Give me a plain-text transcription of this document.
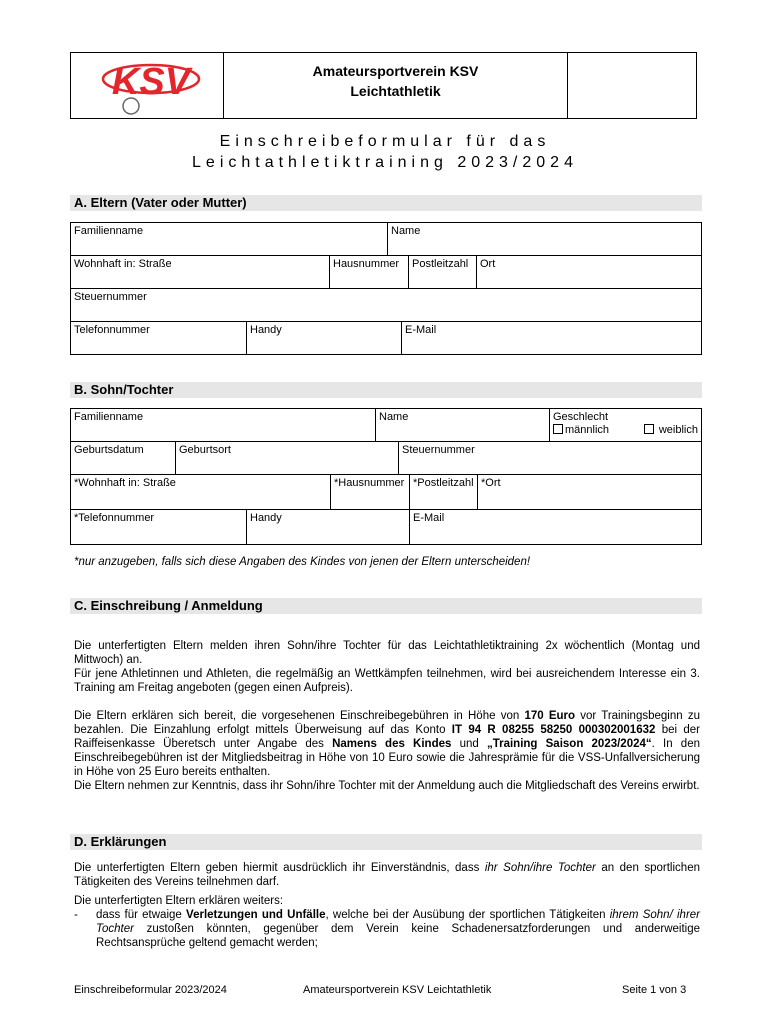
KSV	Amateursportverein KSV
Leichtathletik
Einschreibeformular für das
Leichtathletiktraining 2023/2024
A. Eltern (Vater oder Mutter)
Familienname	Name
Wohnhaft in: Straße	Hausnummer	Postleitzahl	Ort
Steuernummer
Telefonnummer	Handy	E-Mail
B. Sohn/Tochter
Familienname	Name	Geschlecht
männlich	weiblich
Geburtsdatum	Geburtsort	Steuernummer
*Wohnhaft in: Straße	*Hausnummer *Postleitzahl *Ort
*Telefonnummer	Handy	E-Mail
*nur anzugeben, falls sich diese Angaben des Kindes von jenen der Eltern unterscheiden!
C. Einschreibung / Anmeldung

Die unterfertigten Eltern melden ihren Sohn/ihre Tochter für das Leichtathletiktraining 2x wöchentlich (Montag und Mittwoch) an.

Für jene Athletinnen und Athleten, die regelmäßig an Wettkämpfen teilnehmen, wird bei ausreichendem Interesse ein 3. Training am Freitag angeboten (gegen einen Aufpreis).

Die Eltern erklären sich bereit, die vorgesehenen Einschreibegebühren in Höhe von 170 Euro vor Trainingsbeginn zu bezahlen. Die Einzahlung erfolgt mittels Überweisung auf das Konto IT 94 R 08255 58250 000302001632 bei der Raiffeisenkasse Überetsch unter Angabe des Namens des Kindes und „Training Saison 2023/2024“. In den Einschreibegebühren ist der Mitgliedsbeitrag in Höhe von 10 Euro sowie die Jahresprämie für die VSS-Unfallversicherung in Höhe von 25 Euro bereits enthalten.

Die Eltern nehmen zur Kenntnis, dass ihr Sohn/ihre Tochter mit der Anmeldung auch die Mitgliedschaft des Vereins erwirbt.

D. Erklärungen

Die unterfertigten Eltern geben hiermit ausdrücklich ihr Einverständnis, dass ihr Sohn/ihre Tochter an den sportlichen Tätigkeiten des Vereins teilnehmen darf.

Die unterfertigten Eltern erklären weiters:

- dass für etwaige Verletzungen und Unfälle, welche bei der Ausübung der sportlichen Tätigkeiten ihrem Sohn/ ihrer Tochter zustoßen könnten, gegenüber dem Verein keine Schadenersatzforderungen und anderweitige Rechtsansprüche geltend gemacht werden;
Einschreibeformular 2023/2024	Amateursportverein KSV Leichtathletik	Seite 1 von 3
